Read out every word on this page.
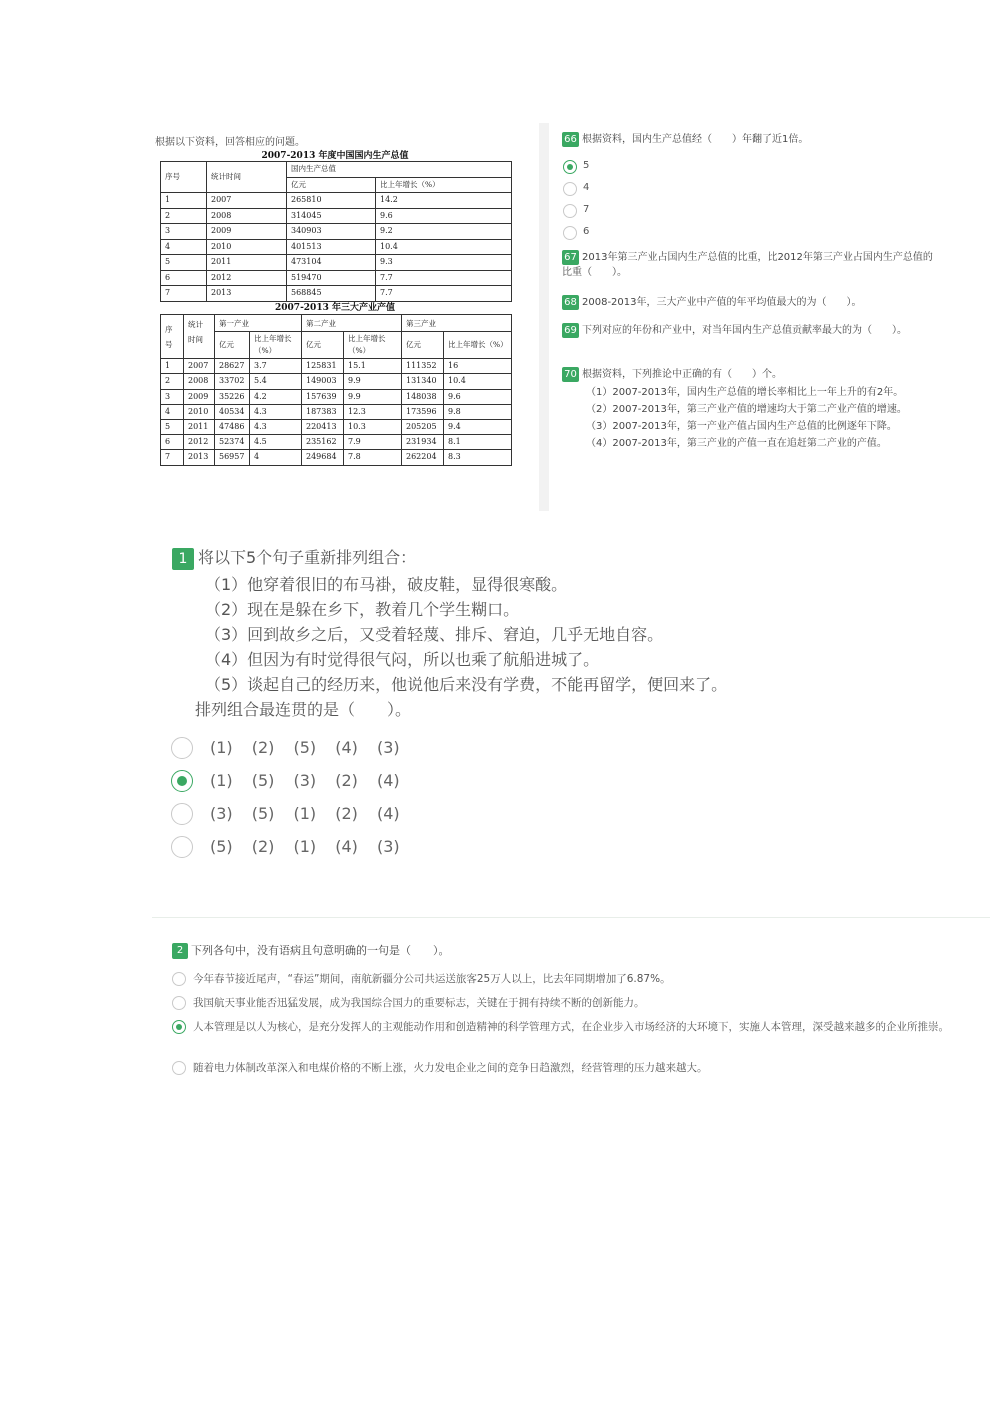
根据以下资料，回答相应的问题。
2007-2013 年度中国国内生产总值
序号	统计时间	国内生产总值	
		亿元	比上年增长（%）
1	2007	265810	14.2
2	2008	314045	9.6
3	2009	340903	9.2
4	2010	401513	10.4
5	2011	473104	9.3
6	2012	519470	7.7
7	2013	568845	7.7
2007-2013 年三大产业产值
序号	统计时间	第一产业		第二产业		第三产业	

		亿元	比上年增长（%）	亿元	比上年增长（%）	亿元	比上年增长（%）
1	2007	28627	3.7	125831	15.1	111352	16
2	2008	33702	5.4	149003	9.9	131340	10.4
3	2009	35226	4.2	157639	9.9	148038	9.6
4	2010	40534	4.3	187383	12.3	173596	9.8
5	2011	47486	4.3	220413	10.3	205205	9.4
6	2012	52374	4.5	235162	7.9	231934	8.1
7	2013	56957	4	249684	7.8	262204	8.3
66 根据资料，国内生产总值经（　　）年翻了近1倍。
5
4
7
6
67 2013年第三产业占国内生产总值的比重，比2012年第三产业占国内生产总值的比重（　　）。
68 2008-2013年，三大产业中产值的年平均值最大的为（　　）。
69 下列对应的年份和产业中，对当年国内生产总值贡献率最大的为（　　）。
70 根据资料，下列推论中正确的有（　　）个。
（1）2007-2013年，国内生产总值的增长率相比上一年上升的有2年。
（2）2007-2013年，第三产业产值的增速均大于第二产业产值的增速。
（3）2007-2013年，第一产业产值占国内生产总值的比例逐年下降。
（4）2007-2013年，第三产业的产值一直在追赶第二产业的产值。
1 将以下5个句子重新排列组合：
（1）他穿着很旧的布马褂，破皮鞋，显得很寒酸。
（2）现在是躲在乡下，教着几个学生糊口。
（3）回到故乡之后，又受着轻蔑、排斥、窘迫，几乎无地自容。
（4）但因为有时觉得很气闷，所以也乘了航船进城了。
（5）谈起自己的经历来，他说他后来没有学费，不能再留学，便回来了。
排列组合最连贯的是（　　）。
(1) (2) (5) (4) (3)
(1) (5) (3) (2) (4)
(3) (5) (1) (2) (4)
(5) (2) (1) (4) (3)
2 下列各句中，没有语病且句意明确的一句是（　　）。
今年春节接近尾声，“春运”期间，南航新疆分公司共运送旅客25万人以上，比去年同期增加了6.87%。
我国航天事业能否迅猛发展，成为我国综合国力的重要标志，关键在于拥有持续不断的创新能力。
人本管理是以人为核心，是充分发挥人的主观能动作用和创造精神的科学管理方式，在企业步入市场经济的大环境下，实施人本管理，深受越来越多的企业所推崇。
随着电力体制改革深入和电煤价格的不断上涨，火力发电企业之间的竞争日趋激烈，经营管理的压力越来越大。
